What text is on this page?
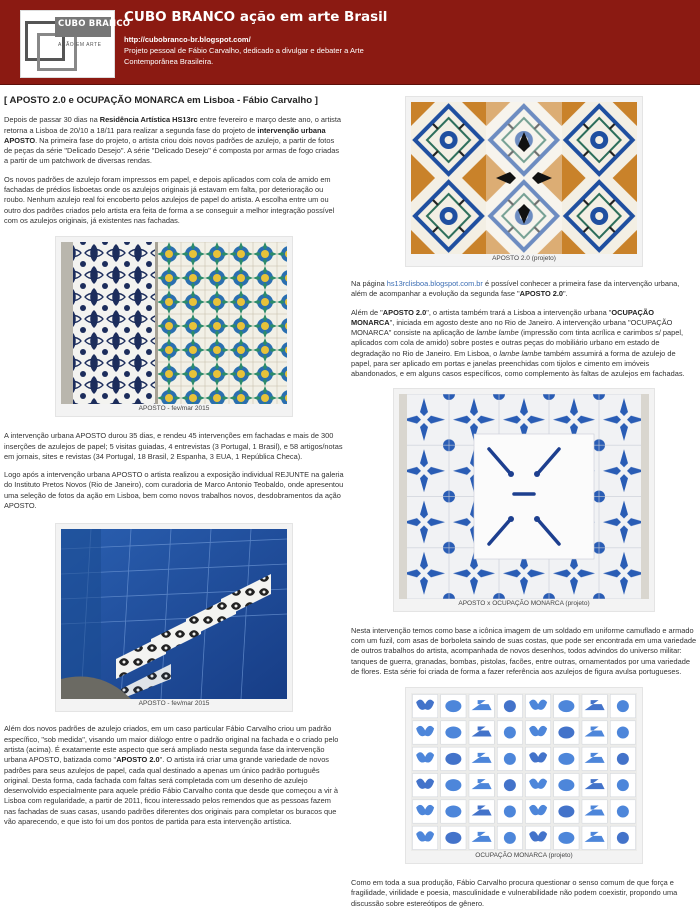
CUBO BRANCO
AÇÃO EM ARTE
CUBO BRANCO ação em arte Brasil
http://cubobranco-br.blogspot.com/
Projeto pessoal de Fábio Carvalho, dedicado a divulgar e debater a Arte Contemporânea Brasileira.
[ APOSTO 2.0 e OCUPAÇÃO MONARCA em Lisboa - Fábio Carvalho ]

Depois de passar 30 dias na Residência Artística HS13rc entre fevereiro e março deste ano, o artista retorna a Lisboa de 20/10 a 18/11 para realizar a segunda fase do projeto de intervenção urbana APOSTO. Na primeira fase do projeto, o artista criou dois novos padrões de azulejo, a partir de fotos de peças da série "Delicado Desejo". A série "Delicado Desejo" é composta por armas de fogo criadas a partir de um patchwork de diversas rendas.

Os novos padrões de azulejo foram impressos em papel, e depois aplicados com cola de amido em fachadas de prédios lisboetas onde os azulejos originais já estavam em falta, por deterioração ou roubo. Nenhum azulejo real foi encoberto pelos azulejos de papel do artista. A escolha entre um ou outro dos padrões criados pelo artista era feita de forma a se conseguir a melhor integração possível com os azulejos originais, já existentes nas fachadas.

APOSTO - fev/mar 2015

A intervenção urbana APOSTO durou 35 dias, e rendeu 45 intervenções em fachadas e mais de 300 inserções de azulejos de papel; 5 visitas guiadas, 4 entrevistas (3 Portugal, 1 Brasil), e 58 artigos/notas em jornais, sites e revistas (34 Portugal, 18 Brasil, 2 Espanha, 3 EUA, 1 República Checa).

Logo após a intervenção urbana APOSTO o artista realizou a exposição individual REJUNTE na galeria do Instituto Pretos Novos (Rio de Janeiro), com curadoria de Marco Antonio Teobaldo, onde apresentou uma seleção de fotos da ação em Lisboa, bem como novos trabalhos novos, desdobramentos da ação APOSTO.

APOSTO - fev/mar 2015

Além dos novos padrões de azulejo criados, em um caso particular Fábio Carvalho criou um padrão específico, "sob medida", visando um maior diálogo entre o padrão original na fachada e o criado pelo artista (acima). É exatamente este aspecto que será ampliado nesta segunda fase da intervenção urbana APOSTO, batizada como "APOSTO 2.0". O artista irá criar uma grande variedade de novos padrões para seus azulejos de papel, cada qual destinado a apenas um único padrão português original. Desta forma, cada fachada com faltas será completada com um desenho de azulejo desenvolvido especialmente para aquele prédio Fábio Carvalho conta que desde que começou a vir à Lisboa com regularidade, a partir de 2011, ficou interessado pelos remendos que as pessoas fazem nas fachadas de suas casas, usando padrões diferentes dos originais para completar os buracos que vão aparecendo, e que isto foi um dos pontos de partida para esta intervenção artística.

APOSTO 2.0 (projeto)

Na página hs13rclisboa.blogspot.com.br é possível conhecer a primeira fase da intervenção urbana, além de acompanhar a evolução da segunda fase "APOSTO 2.0".

Além de "APOSTO 2.0", o artista também trará a Lisboa a intervenção urbana "OCUPAÇÃO MONARCA", iniciada em agosto deste ano no Rio de Janeiro. A intervenção urbana "OCUPAÇÃO MONARCA" consiste na aplicação de lambe lambe (impressão com tinta acrílica e carimbos s/ papel, aplicados com cola de amido) sobre postes e outras peças do mobiliário urbano em estado de degradação no Rio de Janeiro. Em Lisboa, o lambe lambe também assumirá a forma de azulejo de papel, para ser aplicado em portas e janelas preenchidas com tijolos e cimento em imóveis abandonados, e em alguns casos específicos, como complemento às faltas de azulejos em fachadas.

APOSTO x OCUPAÇÃO MONARCA (projeto)

Nesta intervenção temos como base a icônica imagem de um soldado em uniforme camuflado e armado com um fuzil, com asas de borboleta saindo de suas costas, que pode ser encontrada em uma variedade de outros trabalhos do artista, acompanhada de novos desenhos, todos advindos do universo militar: tanques de guerra, granadas, bombas, pistolas, facões, entre outras, ornamentados por uma variedade de flores. Esta série foi criada de forma a fazer referência aos azulejos de figura avulsa portugueses.

OCUPAÇÃO MONARCA (projeto)

Como em toda a sua produção, Fábio Carvalho procura questionar o senso comum de que força e fragilidade, virilidade e poesia, masculinidade e vulnerabilidade não podem coexistir, propondo uma discussão sobre estereótipos de gênero.
